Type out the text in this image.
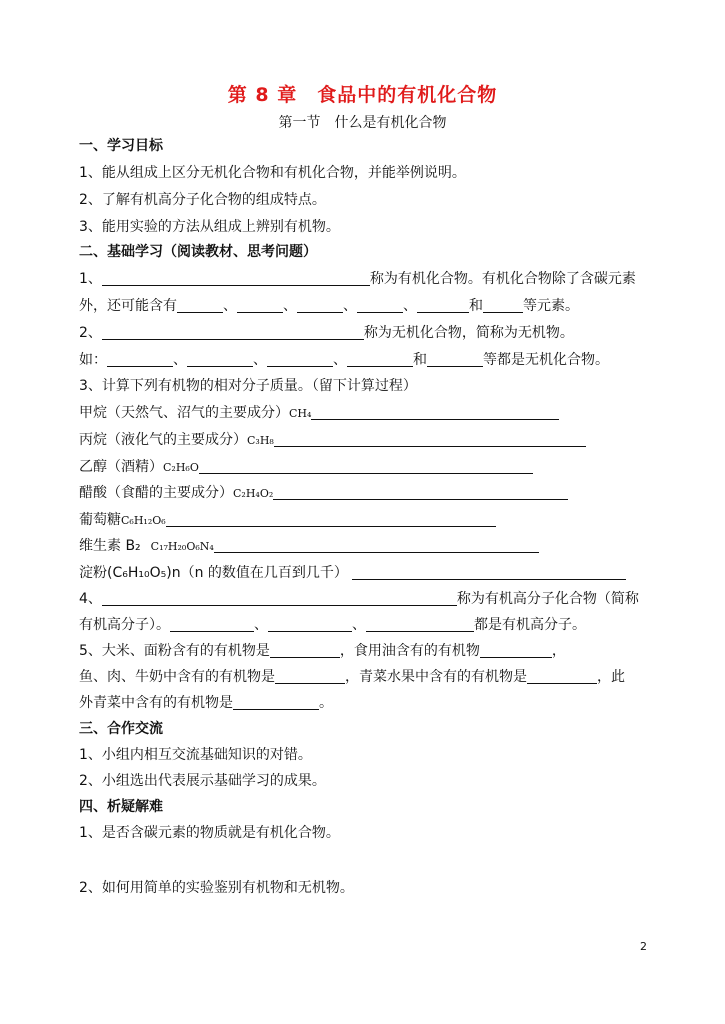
第 8 章　食品中的有机化合物
第一节　什么是有机化合物
一、学习目标
1、能从组成上区分无机化合物和有机化合物，并能举例说明。
2、了解有机高分子化合物的组成特点。
3、能用实验的方法从组成上辨别有机物。
二、基础学习（阅读教材、思考问题）
1、	称为有机化合物。有机化合物除了含碳元素
外，还可能含有	、	、	、	、	和	等元素。
2、	称为无机化合物，简称为无机物。
如：	、	、	、	和	等都是无机化合物。
3、计算下列有机物的相对分子质量。（留下计算过程）
甲烷（天然气、沼气的主要成分）CH₄
丙烷（液化气的主要成分）C₃H₈
乙醇（酒精）C₂H₆O
醋酸（食醋的主要成分）C₂H₄O₂
葡萄糖C₆H₁₂O₆
维生素 B₂ C₁₇H₂₀O₆N₄
淀粉(C₆H₁₀O₅)n（n 的数值在几百到几千）
4、	称为有机高分子化合物（简称
有机高分子）。	、	、	都是有机高分子。
5、大米、面粉含有的有机物是	，食用油含有的有机物	，
鱼、肉、牛奶中含有的有机物是	，青菜水果中含有的有机物是	，此
外青菜中含有的有机物是	。
三、合作交流
1、小组内相互交流基础知识的对错。
2、小组选出代表展示基础学习的成果。
四、析疑解难
1、是否含碳元素的物质就是有机化合物。
2、如何用简单的实验鉴别有机物和无机物。
2
